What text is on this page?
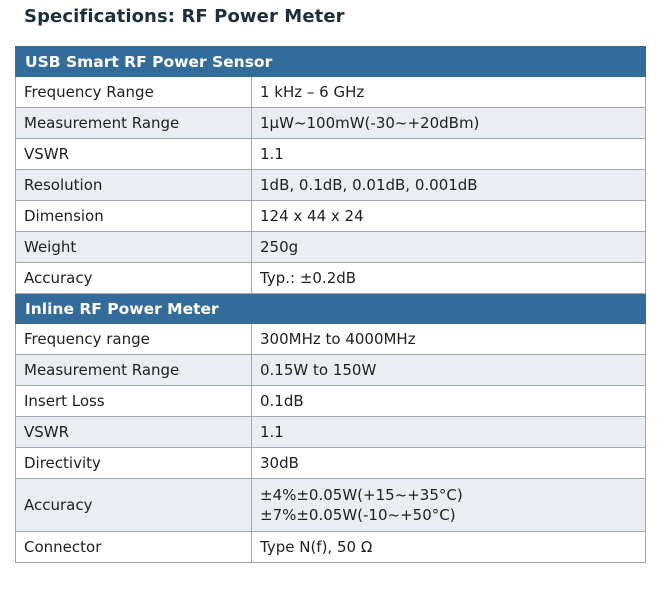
Specifications: RF Power Meter
USB Smart RF Power Sensor	
Frequency Range	1 kHz – 6 GHz
Measurement Range	1μW~100mW(-30~+20dBm)
VSWR	1.1
Resolution	1dB, 0.1dB, 0.01dB, 0.001dB
Dimension	124 x 44 x 24
Weight	250g
Accuracy	Typ.: ±0.2dB
Inline RF Power Meter	
Frequency range	300MHz to 4000MHz
Measurement Range	0.15W to 150W
Insert Loss	0.1dB
VSWR	1.1
Directivity	30dB
Accuracy	±4%±0.05W(+15~+35°C)
±7%±0.05W(-10~+50°C)

Connector	Type N(f), 50 Ω
